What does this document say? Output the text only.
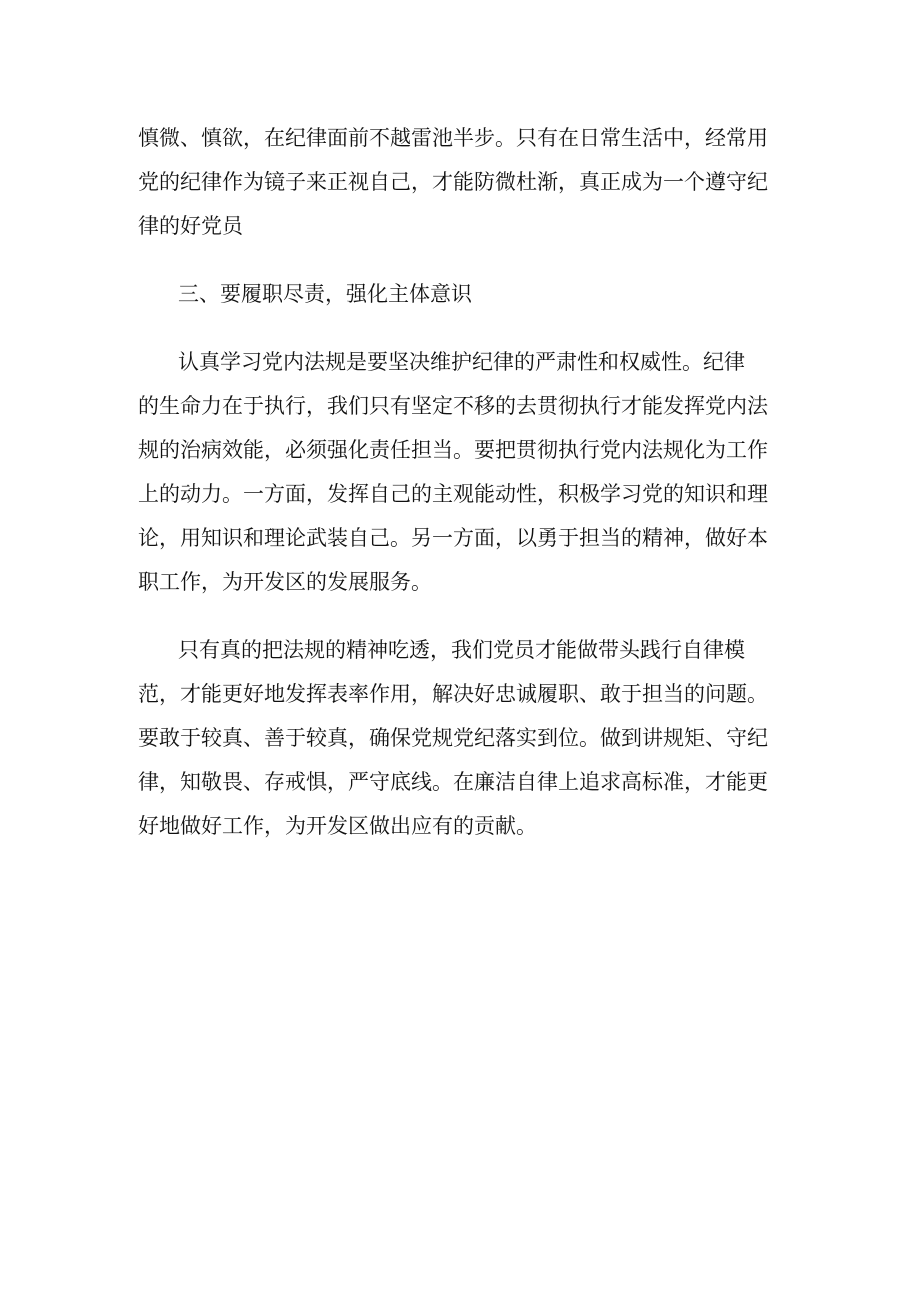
慎微、慎欲，在纪律面前不越雷池半步。只有在日常生活中，经常用
党的纪律作为镜子来正视自己，才能防微杜渐，真正成为一个遵守纪
律的好党员
三、要履职尽责，强化主体意识
认真学习党内法规是要坚决维护纪律的严肃性和权威性。纪律
的生命力在于执行，我们只有坚定不移的去贯彻执行才能发挥党内法
规的治病效能，必须强化责任担当。要把贯彻执行党内法规化为工作
上的动力。一方面，发挥自己的主观能动性，积极学习党的知识和理
论，用知识和理论武装自己。另一方面，以勇于担当的精神，做好本
职工作，为开发区的发展服务。
只有真的把法规的精神吃透，我们党员才能做带头践行自律模
范，才能更好地发挥表率作用，解决好忠诚履职、敢于担当的问题。
要敢于较真、善于较真，确保党规党纪落实到位。做到讲规矩、守纪
律，知敬畏、存戒惧，严守底线。在廉洁自律上追求高标准，才能更
好地做好工作，为开发区做出应有的贡献。
